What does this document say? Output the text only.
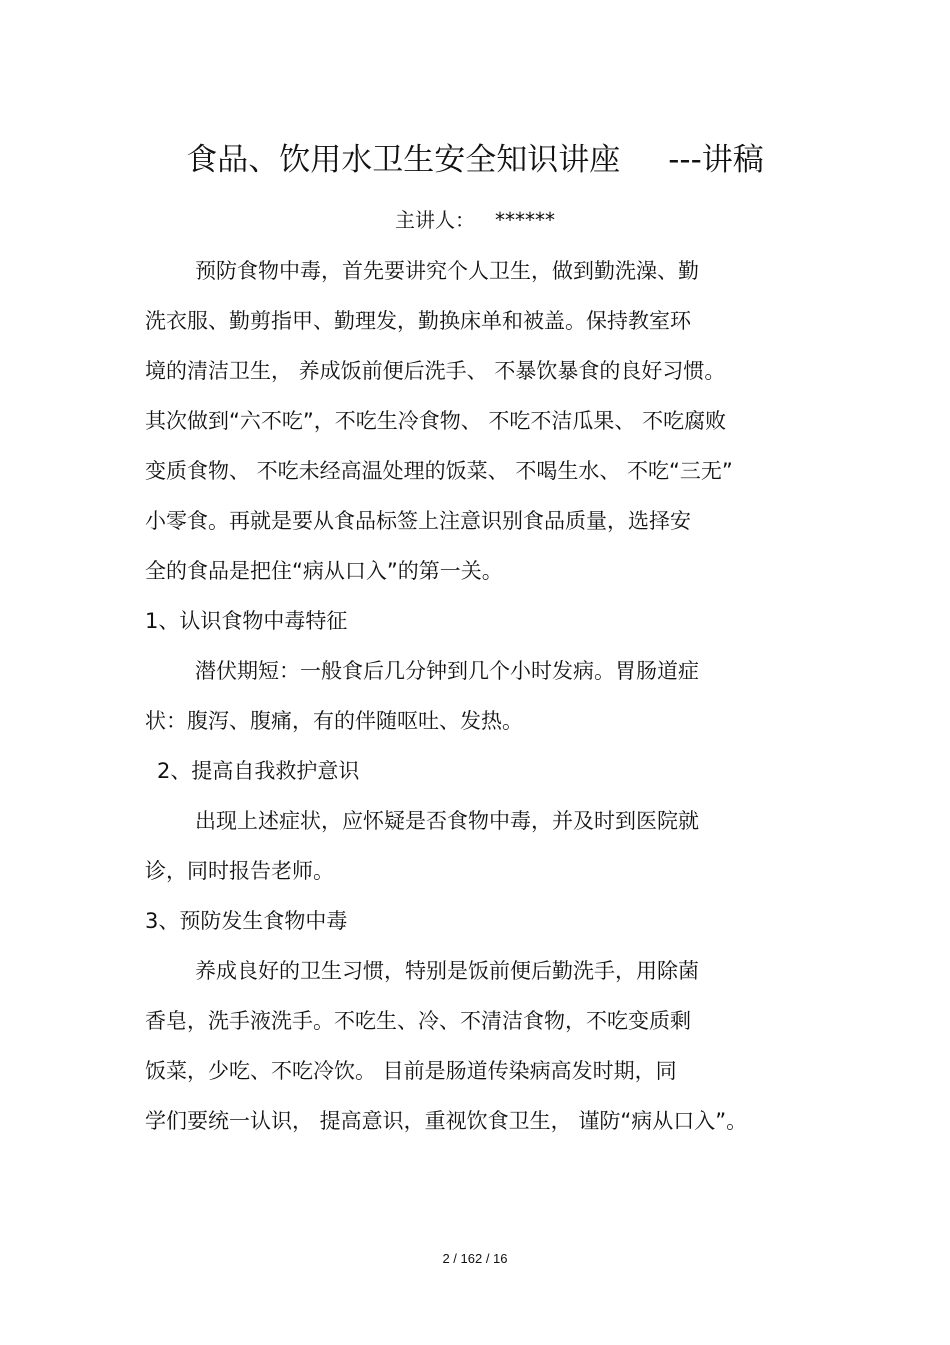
食品、饮用水卫生安全知识讲座 ---讲稿
主讲人： ******
预防食物中毒，首先要讲究个人卫生，做到勤洗澡、勤
洗衣服、勤剪指甲、勤理发，勤换床单和被盖。保持教室环
境的清洁卫生， 养成饭前便后洗手、 不暴饮暴食的良好习惯。
其次做到“六不吃”，不吃生冷食物、 不吃不洁瓜果、 不吃腐败
变质食物、 不吃未经高温处理的饭菜、 不喝生水、 不吃“三无”
小零食。再就是要从食品标签上注意识别食品质量，选择安
全的食品是把住“病从口入”的第一关。
1、认识食物中毒特征
潜伏期短：一般食后几分钟到几个小时发病。胃肠道症
状：腹泻、腹痛，有的伴随呕吐、发热。
2、提高自我救护意识
出现上述症状，应怀疑是否食物中毒，并及时到医院就
诊，同时报告老师。
3、预防发生食物中毒
养成良好的卫生习惯，特别是饭前便后勤洗手，用除菌
香皂，洗手液洗手。不吃生、冷、不清洁食物，不吃变质剩
饭菜，少吃、不吃冷饮。 目前是肠道传染病高发时期，同
学们要统一认识， 提高意识，重视饮食卫生， 谨防“病从口入”。
2 / 162 / 16
